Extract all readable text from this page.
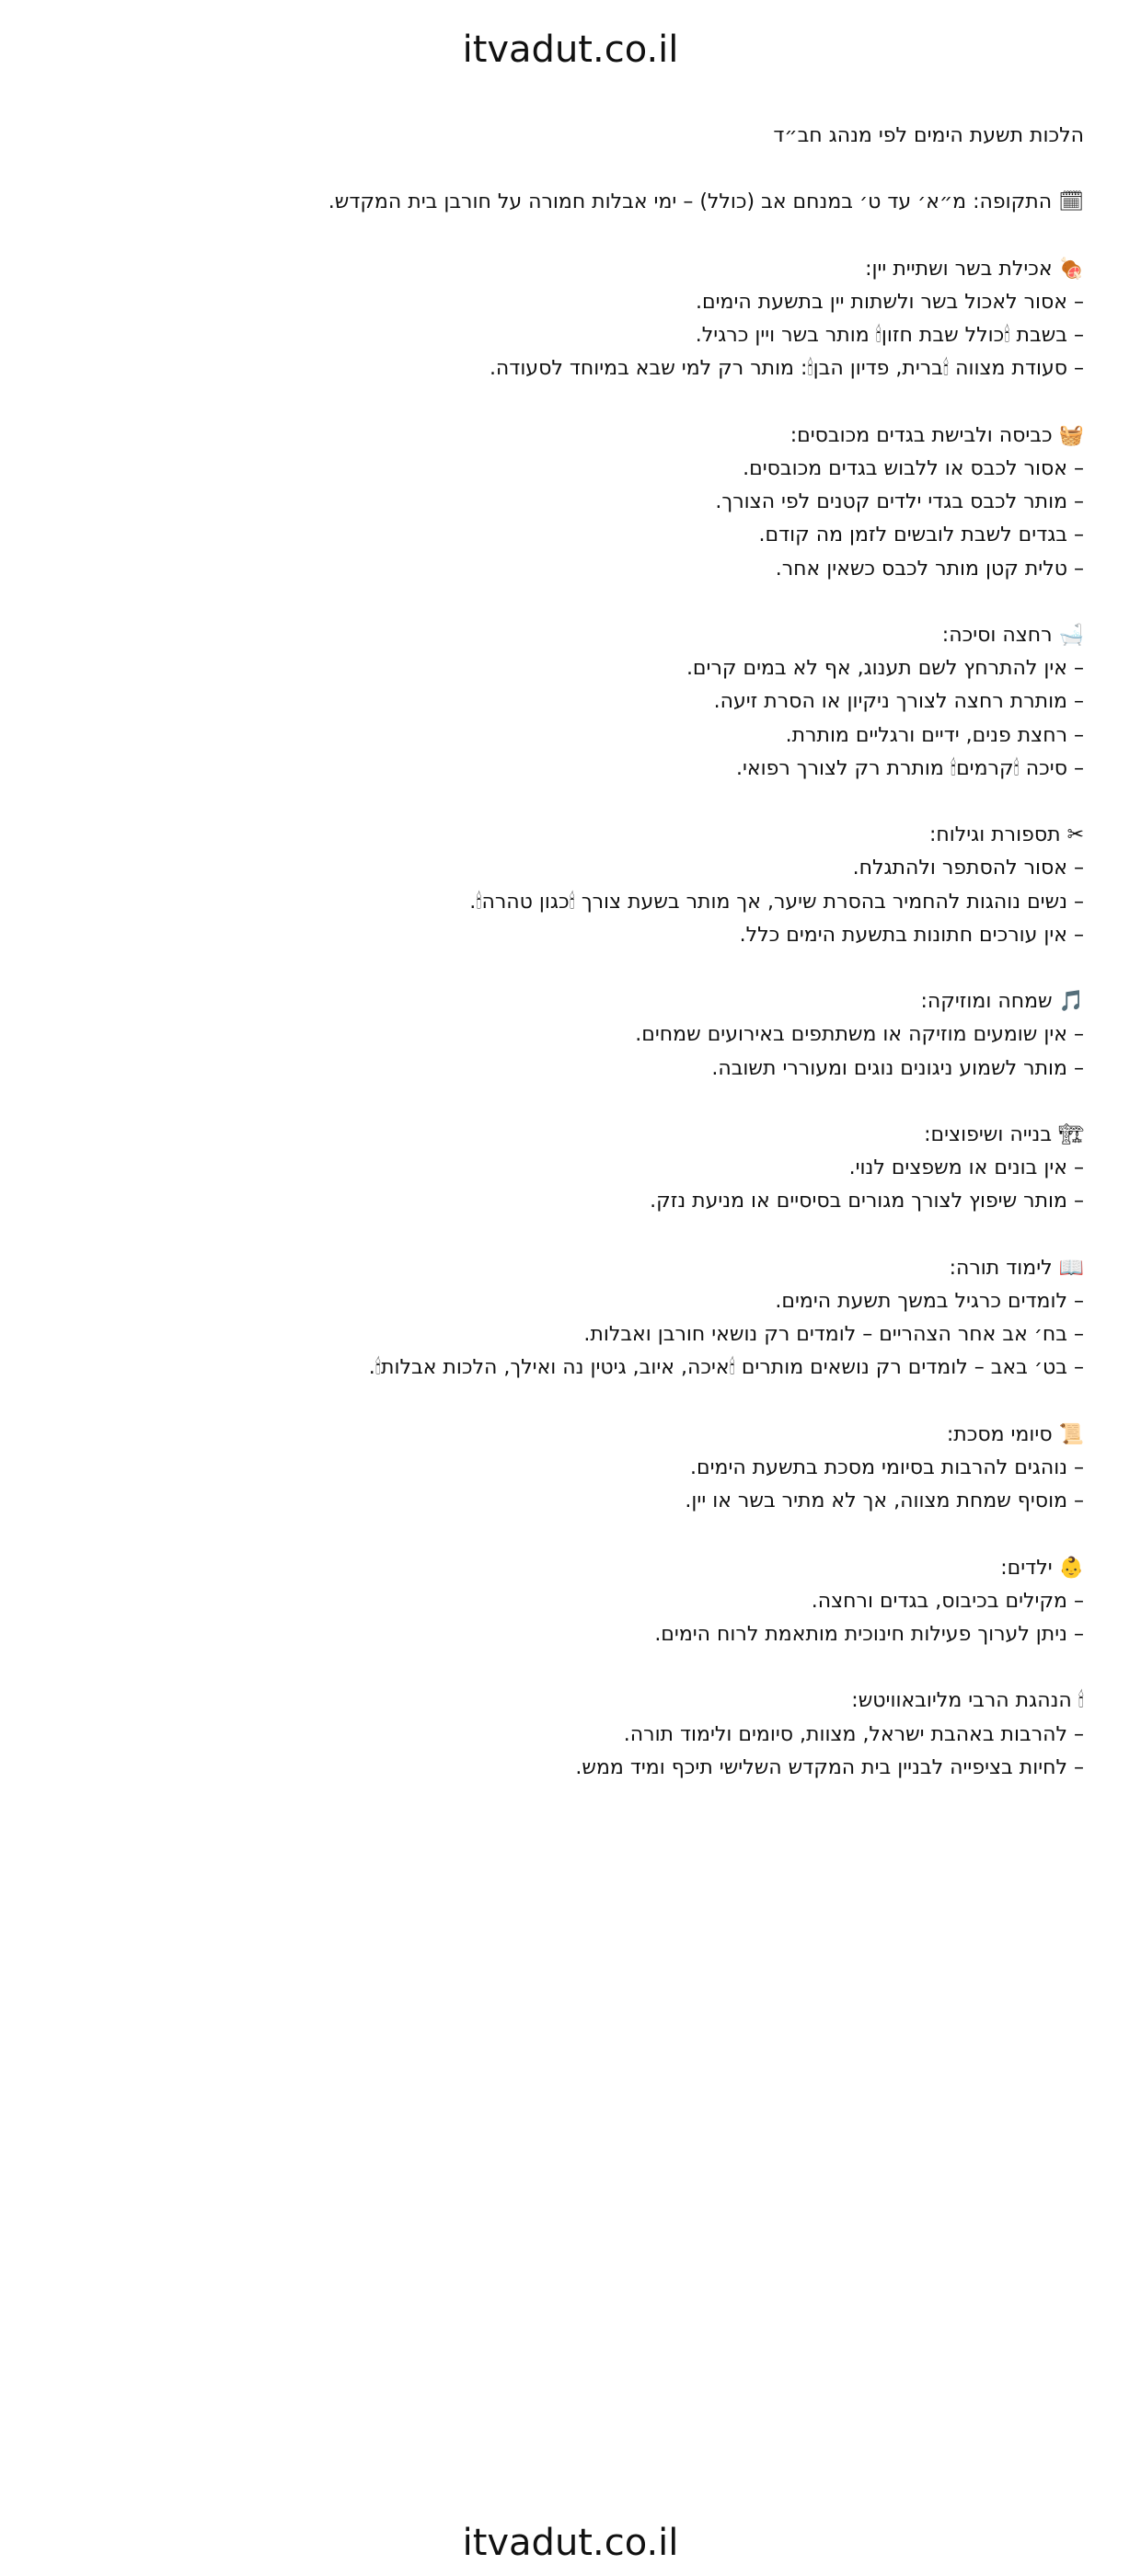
itvadut.co.il

הלכות תשעת הימים לפי מנהג חב״ד

🗓 התקופה: מ״א׳ עד ט׳ במנחם אב (כולל) – ימי אבלות חמורה על חורבן בית המקדש.

🍖 אכילת בשר ושתיית יין:

– אסור לאכול בשר ולשתות יין בתשעת הימים.

– בשבת 🕯כולל שבת חזון🕯 מותר בשר ויין כרגיל.

– סעודת מצווה 🕯ברית, פדיון הבן🕯: מותר רק למי שבא במיוחד לסעודה.

🧺 כביסה ולבישת בגדים מכובסים:

– אסור לכבס או ללבוש בגדים מכובסים.

– מותר לכבס בגדי ילדים קטנים לפי הצורך.

– בגדים לשבת לובשים לזמן מה קודם.

– טלית קטן מותר לכבס כשאין אחר.

🛁 רחצה וסיכה:

– אין להתרחץ לשם תענוג, אף לא במים קרים.

– מותרת רחצה לצורך ניקיון או הסרת זיעה.

– רחצת פנים, ידיים ורגליים מותרת.

– סיכה 🕯קרמים🕯 מותרת רק לצורך רפואי.

✂ תספורת וגילוח:

– אסור להסתפר ולהתגלח.

– נשים נוהגות להחמיר בהסרת שיער, אך מותר בשעת צורך 🕯כגון טהרה🕯.

– אין עורכים חתונות בתשעת הימים כלל.

🎵 שמחה ומוזיקה:

– אין שומעים מוזיקה או משתתפים באירועים שמחים.

– מותר לשמוע ניגונים נוגים ומעוררי תשובה.

🏗 בנייה ושיפוצים:

– אין בונים או משפצים לנוי.

– מותר שיפוץ לצורך מגורים בסיסיים או מניעת נזק.

📖 לימוד תורה:

– לומדים כרגיל במשך תשעת הימים.

– בח׳ אב אחר הצהריים – לומדים רק נושאי חורבן ואבלות.

– בט׳ באב – לומדים רק נושאים מותרים 🕯איכה, איוב, גיטין נה ואילך, הלכות אבלות🕯.

📜 סיומי מסכת:

– נוהגים להרבות בסיומי מסכת בתשעת הימים.

– מוסיף שמחת מצווה, אך לא מתיר בשר או יין.

👶 ילדים:

– מקילים בכיבוס, בגדים ורחצה.

– ניתן לערוך פעילות חינוכית מותאמת לרוח הימים.

🕯 הנהגת הרבי מליובאוויטש:

– להרבות באהבת ישראל, מצוות, סיומים ולימוד תורה.

– לחיות בציפייה לבניין בית המקדש השלישי תיכף ומיד ממש.

itvadut.co.il
